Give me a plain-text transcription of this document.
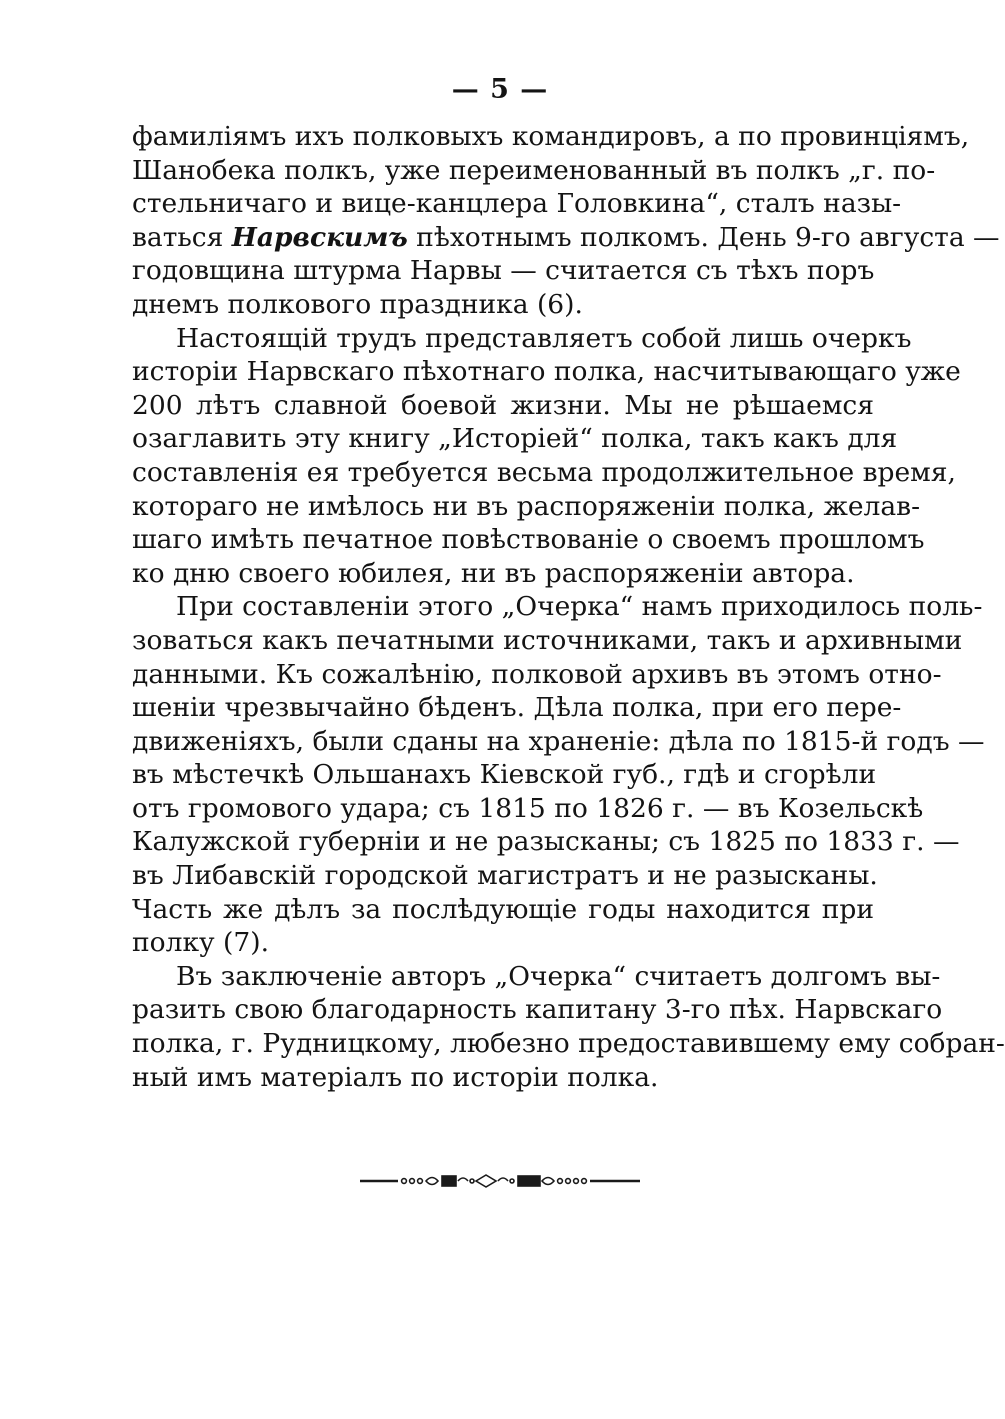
— 5 —
фамиліямъ ихъ полковыхъ командировъ, а по провинціямъ,
Шанобека полкъ, уже переименованный въ полкъ „г. по-
стельничаго и вице-канцлера Головкина“, сталъ назы-
ваться Нарвскимъ пѣхотнымъ полкомъ. День 9-го августа —
годовщина штурма Нарвы — считается съ тѣхъ поръ
днемъ полкового праздника (6).
Настоящій трудъ представляетъ собой лишь очеркъ
исторіи Нарвскаго пѣхотнаго полка, насчитывающаго уже
200 лѣтъ славной боевой жизни. Мы не рѣшаемся
озаглавить эту книгу „Исторіей“ полка, такъ какъ для
составленія ея требуется весьма продолжительное время,
котораго не имѣлось ни въ распоряженіи полка, желав-
шаго имѣть печатное повѣствованіе о своемъ прошломъ
ко дню своего юбилея, ни въ распоряженіи автора.
При составленіи этого „Очерка“ намъ приходилось поль-
зоваться какъ печатными источниками, такъ и архивными
данными. Къ сожалѣнію, полковой архивъ въ этомъ отно-
шеніи чрезвычайно бѣденъ. Дѣла полка, при его пере-
движеніяхъ, были сданы на храненіе: дѣла по 1815-й годъ —
въ мѣстечкѣ Ольшанахъ Кіевской губ., гдѣ и сгорѣли
отъ громового удара; съ 1815 по 1826 г. — въ Козельскѣ
Калужской губерніи и не разысканы; съ 1825 по 1833 г. —
въ Либавскій городской магистратъ и не разысканы.
Часть же дѣлъ за послѣдующіе годы находится при
полку (7).
Въ заключеніе авторъ „Очерка“ считаетъ долгомъ вы-
разить свою благодарность капитану 3-го пѣх. Нарвскаго
полка, г. Рудницкому, любезно предоставившему ему собран-
ный имъ матеріалъ по исторіи полка.
